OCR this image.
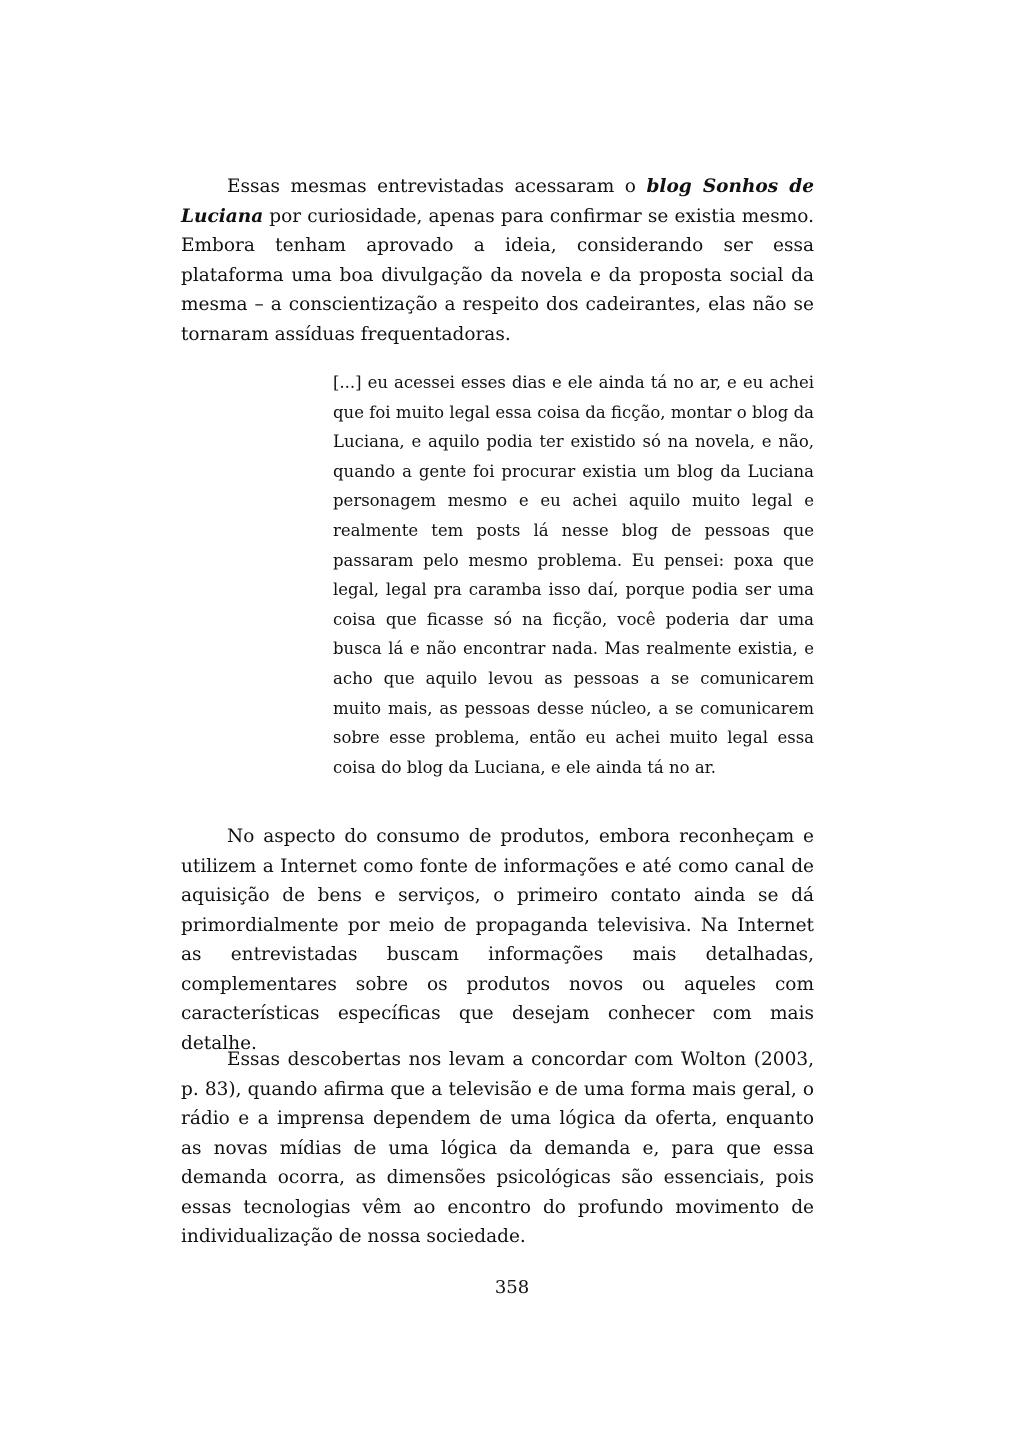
Essas mesmas entrevistadas acessaram o blog Sonhos de Luciana por curiosidade, apenas para confirmar se existia mesmo. Embora tenham aprovado a ideia, considerando ser essa plataforma uma boa divulgação da novela e da proposta social da mesma – a conscientização a respeito dos cadeirantes, elas não se tornaram assíduas frequentadoras.

[...] eu acessei esses dias e ele ainda tá no ar, e eu achei que foi muito legal essa coisa da ficção, montar o blog da Luciana, e aquilo podia ter existido só na novela, e não, quando a gente foi procurar existia um blog da Luciana personagem mesmo e eu achei aquilo muito legal e realmente tem posts lá nesse blog de pessoas que passaram pelo mesmo problema. Eu pensei: poxa que legal, legal pra caramba isso daí, porque podia ser uma coisa que ficasse só na ficção, você poderia dar uma busca lá e não encontrar nada. Mas realmente existia, e acho que aquilo levou as pessoas a se comunicarem muito mais, as pessoas desse núcleo, a se comunicarem sobre esse problema, então eu achei muito legal essa coisa do blog da Luciana, e ele ainda tá no ar.

No aspecto do consumo de produtos, embora reconheçam e utilizem a Internet como fonte de informações e até como canal de aquisição de bens e serviços, o primeiro contato ainda se dá primordialmente por meio de propaganda televisiva. Na Internet as entrevistadas buscam informações mais detalhadas, complementares sobre os produtos novos ou aqueles com características específicas que desejam conhecer com mais detalhe.

Essas descobertas nos levam a concordar com Wolton (2003, p. 83), quando afirma que a televisão e de uma forma mais geral, o rádio e a imprensa dependem de uma lógica da oferta, enquanto as novas mídias de uma lógica da demanda e, para que essa demanda ocorra, as dimensões psicológicas são essenciais, pois essas tecnologias vêm ao encontro do profundo movimento de individualização de nossa sociedade.

358
